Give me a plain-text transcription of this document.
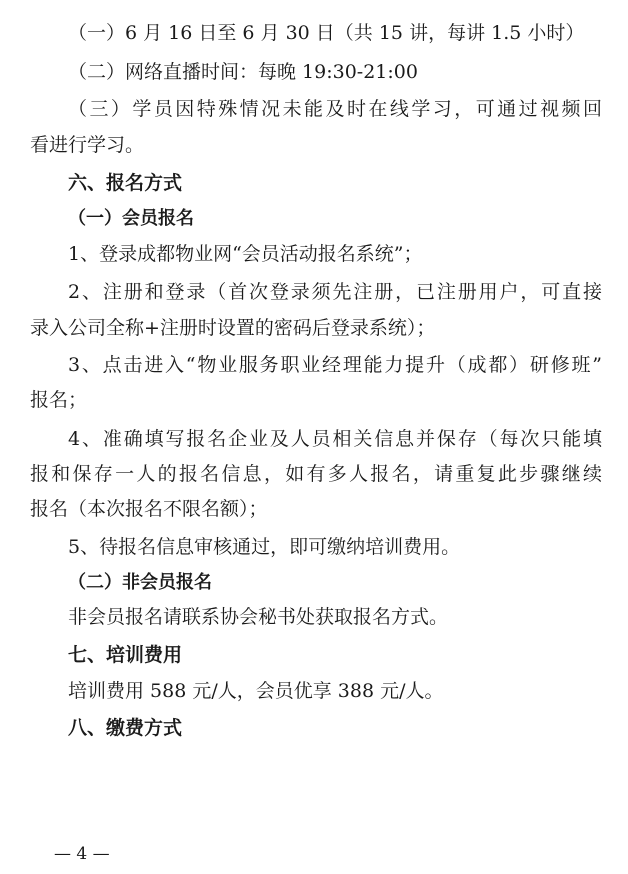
（一）6 月 16 日至 6 月 30 日（共 15 讲，每讲 1.5 小时）
（二）网络直播时间：每晚 19:30-21:00
（三）学员因特殊情况未能及时在线学习，可通过视频回
看进行学习。
六、报名方式
（一）会员报名
1、登录成都物业网“会员活动报名系统”；
2、注册和登录（首次登录须先注册，已注册用户，可直接
录入公司全称+注册时设置的密码后登录系统）；
3、点击进入“物业服务职业经理能力提升（成都）研修班”
报名；
4、准确填写报名企业及人员相关信息并保存（每次只能填
报和保存一人的报名信息，如有多人报名，请重复此步骤继续
报名（本次报名不限名额）；
5、待报名信息审核通过，即可缴纳培训费用。
（二）非会员报名
非会员报名请联系协会秘书处获取报名方式。
七、培训费用
培训费用 588 元/人，会员优享 388 元/人。
八、缴费方式
— 4 —
